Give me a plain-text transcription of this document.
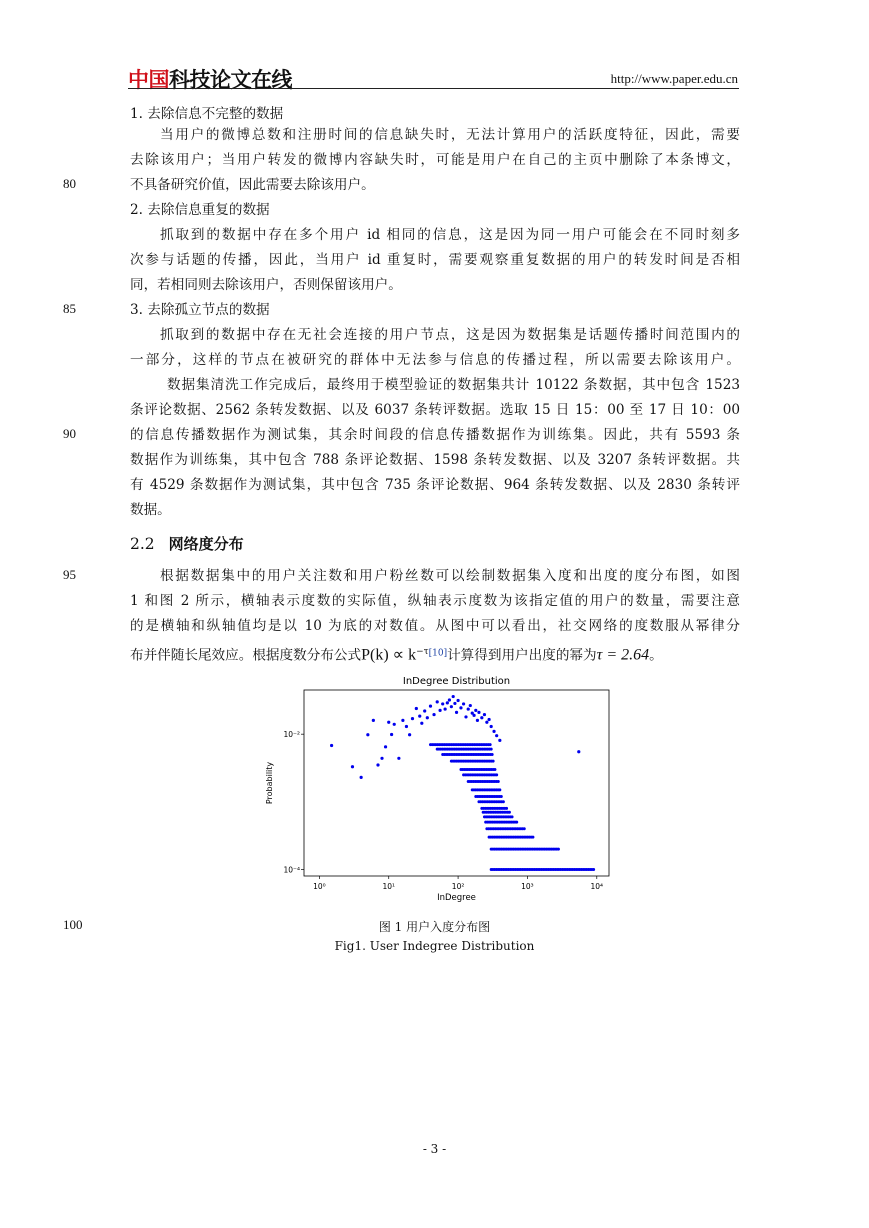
中国科技论文在线	http://www.paper.edu.cn
80
85
90
95
100
1. 去除信息不完整的数据
当用户的微博总数和注册时间的信息缺失时，无法计算用户的活跃度特征，因此，需要
去除该用户；当用户转发的微博内容缺失时，可能是用户在自己的主页中删除了本条博文，
不具备研究价值，因此需要去除该用户。
2. 去除信息重复的数据
抓取到的数据中存在多个用户 id 相同的信息，这是因为同一用户可能会在不同时刻多
次参与话题的传播，因此，当用户 id 重复时，需要观察重复数据的用户的转发时间是否相
同，若相同则去除该用户，否则保留该用户。
3. 去除孤立节点的数据
抓取到的数据中存在无社会连接的用户节点，这是因为数据集是话题传播时间范围内的
一部分，这样的节点在被研究的群体中无法参与信息的传播过程，所以需要去除该用户。
数据集清洗工作完成后，最终用于模型验证的数据集共计 10122 条数据，其中包含 1523
条评论数据、2562 条转发数据、以及 6037 条转评数据。选取 15 日 15：00 至 17 日 10：00
的信息传播数据作为测试集，其余时间段的信息传播数据作为训练集。因此，共有 5593 条
数据作为训练集，其中包含 788 条评论数据、1598 条转发数据、以及 3207 条转评数据。共
有 4529 条数据作为测试集，其中包含 735 条评论数据、964 条转发数据、以及 2830 条转评
数据。
2.2 网络度分布
根据数据集中的用户关注数和用户粉丝数可以绘制数据集入度和出度的度分布图，如图
1 和图 2 所示，横轴表示度数的实际值，纵轴表示度数为该指定值的用户的数量，需要注意
的是横轴和纵轴值均是以 10 为底的对数值。从图中可以看出，社交网络的度数服从幂律分
布并伴随长尾效应。根据度数分布公式P(k) ∝ k$^{-\tau[10]}$计算得到用户出度的幂为τ = 2.64。
InDegree Distribution
10⁰	10¹	10²	10³	10⁴
10⁻²
10⁻⁴
InDegree
Probability
图 1 用户入度分布图
Fig1. User Indegree Distribution
- 3 -
